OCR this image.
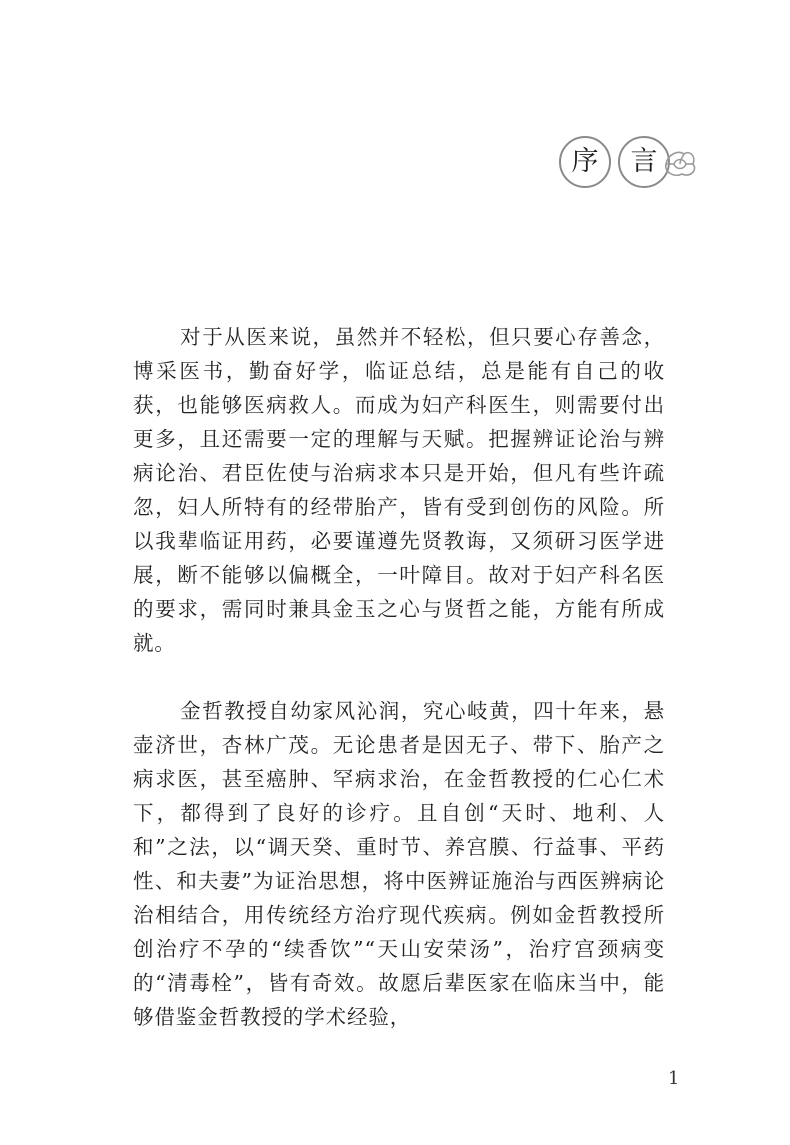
序	言

对于从医来说，虽然并不轻松，但只要心存善念，博采医书，勤奋好学，临证总结，总是能有自己的收获，也能够医病救人。而成为妇产科医生，则需要付出更多，且还需要一定的理解与天赋。把握辨证论治与辨病论治、君臣佐使与治病求本只是开始，但凡有些许疏忽，妇人所特有的经带胎产，皆有受到创伤的风险。所以我辈临证用药，必要谨遵先贤教诲，又须研习医学进展，断不能够以偏概全，一叶障目。故对于妇产科名医的要求，需同时兼具金玉之心与贤哲之能，方能有所成就。

金哲教授自幼家风沁润，究心岐黄，四十年来，悬壶济世，杏林广茂。无论患者是因无子、带下、胎产之病求医，甚至癌肿、罕病求治，在金哲教授的仁心仁术下，都得到了良好的诊疗。且自创“天时、地利、人和”之法，以“调天癸、重时节、养宫膜、行益事、平药性、和夫妻”为证治思想，将中医辨证施治与西医辨病论治相结合，用传统经方治疗现代疾病。例如金哲教授所创治疗不孕的“续香饮”“天山安荣汤”，治疗宫颈病变的“清毒栓”，皆有奇效。故愿后辈医家在临床当中，能够借鉴金哲教授的学术经验，

1
